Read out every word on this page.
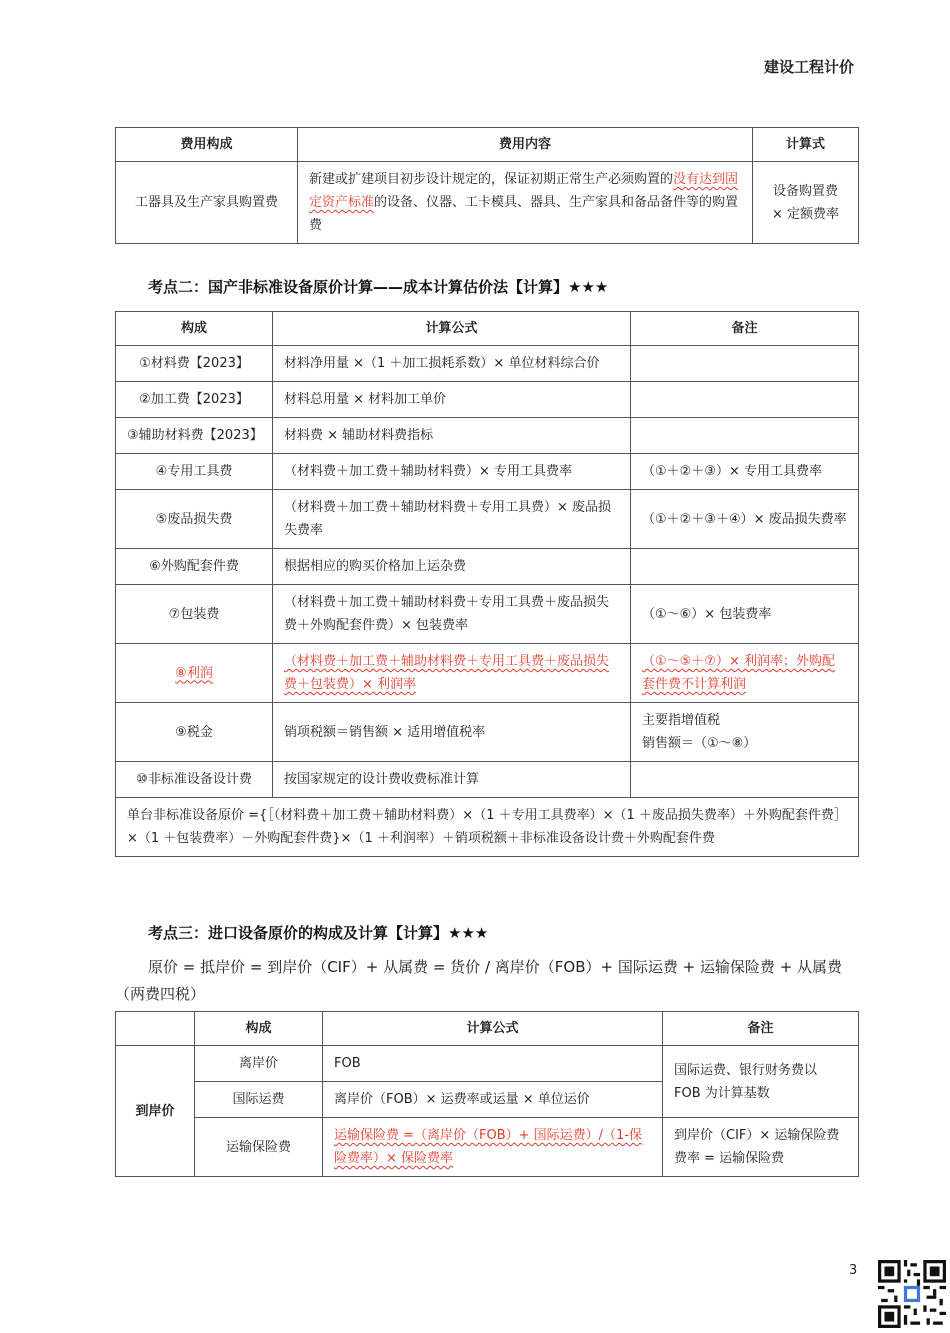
建设工程计价
费用构成	费用内容	计算式
工器具及生产家具购置费	新建或扩建项目初步设计规定的，保证初期正常生产必须购置的没有达到固定资产标准的设备、仪器、工卡模具、器具、生产家具和备品备件等的购置费	设备购置费
× 定额费率
考点二：国产非标准设备原价计算——成本计算估价法【计算】★★★
构成	计算公式	备注
①材料费【2023】	材料净用量 ×（1 ＋加工损耗系数）× 单位材料综合价	
②加工费【2023】	材料总用量 × 材料加工单价	
③辅助材料费【2023】	材料费 × 辅助材料费指标	
④专用工具费	（材料费＋加工费＋辅助材料费）× 专用工具费率	（①＋②＋③）× 专用工具费率
⑤废品损失费	（材料费＋加工费＋辅助材料费＋专用工具费）× 废品损失费率	（①＋②＋③＋④）× 废品损失费率
⑥外购配套件费	根据相应的购买价格加上运杂费	
⑦包装费	（材料费＋加工费＋辅助材料费＋专用工具费＋废品损失费＋外购配套件费）× 包装费率	（①～⑥）× 包装费率
⑧利润	（材料费＋加工费＋辅助材料费＋专用工具费＋废品损失费＋包装费）× 利润率	（①～⑤＋⑦）× 利润率；外购配套件费不计算利润
⑨税金	销项税额＝销售额 × 适用增值税率	主要指增值税
销售额＝（①～⑧）

⑩非标准设备设计费	按国家规定的设计费收费标准计算	
单台非标准设备原价 ={［（材料费＋加工费＋辅助材料费）×（1 ＋专用工具费率）×（1 ＋废品损失费率）＋外购配套件费］×（1 ＋包装费率）－外购配套件费}×（1 ＋利润率）＋销项税额＋非标准设备设计费＋外购配套件费		
考点三：进口设备原价的构成及计算【计算】★★★
原价 = 抵岸价 = 到岸价（CIF）+ 从属费 = 货价 / 离岸价（FOB）+ 国际运费 + 运输保险费 + 从属费（两费四税）
	构成	计算公式	备注
到岸价	离岸价	FOB	国际运费、银行财务费以 FOB 为计算基数
	国际运费	离岸价（FOB）× 运费率或运量 × 单位运价	
	运输保险费	运输保险费 =（离岸价（FOB）+ 国际运费）/（1-保险费率）× 保险费率	到岸价（CIF）× 运输保险费
费率 = 运输保险费
3
